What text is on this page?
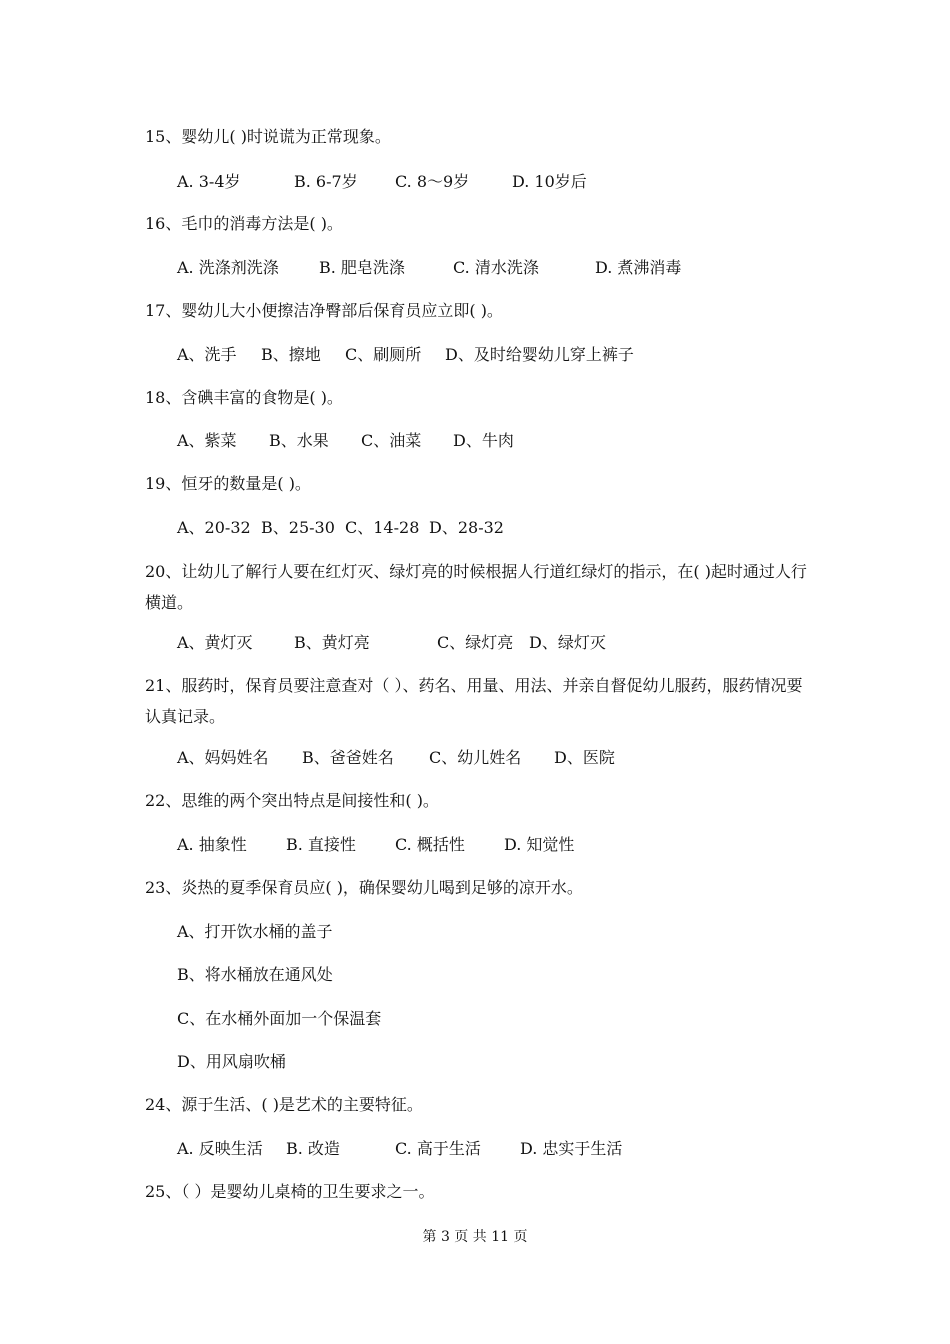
15、婴幼儿( )时说谎为正常现象。
A. 3-4岁	B. 6-7岁 C. 8～9岁	D. 10岁后
16、毛巾的消毒方法是( )。
A. 洗涤剂洗涤	B. 肥皂洗涤	C. 清水洗涤	D. 煮沸消毒
17、婴幼儿大小便擦洁净臀部后保育员应立即( )。
A、洗手 B、擦地 C、刷厕所 D、及时给婴幼儿穿上裤子
18、含碘丰富的食物是( )。
A、紫菜 B、水果 C、油菜 D、牛肉
19、恒牙的数量是( )。
A、20-32 B、25-30 C、14-28 D、28-32
20、让幼儿了解行人要在红灯灭、绿灯亮的时候根据人行道红绿灯的指示，在( )起时通过人行横道。
A、黄灯灭	B、黄灯亮	C、绿灯亮 D、绿灯灭
21、服药时，保育员要注意查对（ ）、药名、用量、用法、并亲自督促幼儿服药，服药情况要认真记录。
A、妈妈姓名 B、爸爸姓名 C、幼儿姓名 D、医院
22、思维的两个突出特点是间接性和( )。
A. 抽象性 B. 直接性 C. 概括性 D. 知觉性
23、炎热的夏季保育员应( )，确保婴幼儿喝到足够的凉开水。
A、打开饮水桶的盖子
B、将水桶放在通风处
C、在水桶外面加一个保温套
D、用风扇吹桶
24、源于生活、( )是艺术的主要特征。
A. 反映生活 B. 改造	C. 高于生活 D. 忠实于生活
25、（ ）是婴幼儿桌椅的卫生要求之一。
第 3 页 共 11 页
